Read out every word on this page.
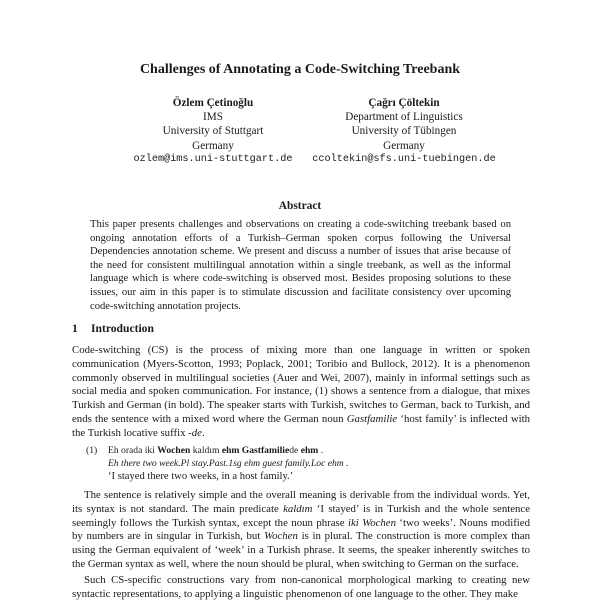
Challenges of Annotating a Code-Switching Treebank
Özlem Çetinoğlu
IMS
University of Stuttgart
Germany
ozlem@ims.uni-stuttgart.de
Çağrı Çöltekin
Department of Linguistics
University of Tübingen
Germany
ccoltekin@sfs.uni-tuebingen.de
Abstract
This paper presents challenges and observations on creating a code-switching treebank based on ongoing annotation efforts of a Turkish–German spoken corpus following the Universal Dependencies annotation scheme. We present and discuss a number of issues that arise because of the need for consistent multilingual annotation within a single treebank, as well as the informal language which is where code-switching is observed most. Besides proposing solutions to these issues, our aim in this paper is to stimulate discussion and facilitate consistency over upcoming code-switching annotation projects.
1 Introduction
Code-switching (CS) is the process of mixing more than one language in written or spoken communication (Myers-Scotton, 1993; Poplack, 2001; Toribio and Bullock, 2012). It is a phenomenon commonly observed in multilingual societies (Auer and Wei, 2007), mainly in informal settings such as social media and spoken communication. For instance, (1) shows a sentence from a dialogue, that mixes Turkish and German (in bold). The speaker starts with Turkish, switches to German, back to Turkish, and ends the sentence with a mixed word where the German noun Gastfamilie ‘host family’ is inflected with the Turkish locative suffix -de.
(1) Eh orada iki Wochen kaldım ehm Gastfamiliede ehm .
Eh there two week.Pl stay.Past.1sg ehm guest family.Loc ehm .
‘I stayed there two weeks, in a host family.’
The sentence is relatively simple and the overall meaning is derivable from the individual words. Yet, its syntax is not standard. The main predicate kaldım ‘I stayed’ is in Turkish and the whole sentence seemingly follows the Turkish syntax, except the noun phrase iki Wochen ‘two weeks’. Nouns modified by numbers are in singular in Turkish, but Wochen is in plural. The construction is more complex than using the German equivalent of ‘week’ in a Turkish phrase. It seems, the speaker inherently switches to the German syntax as well, where the noun should be plural, when switching to German on the surface.
Such CS-specific constructions vary from non-canonical morphological marking to creating new syntactic representations, to applying a linguistic phenomenon of one language to the other. They make
